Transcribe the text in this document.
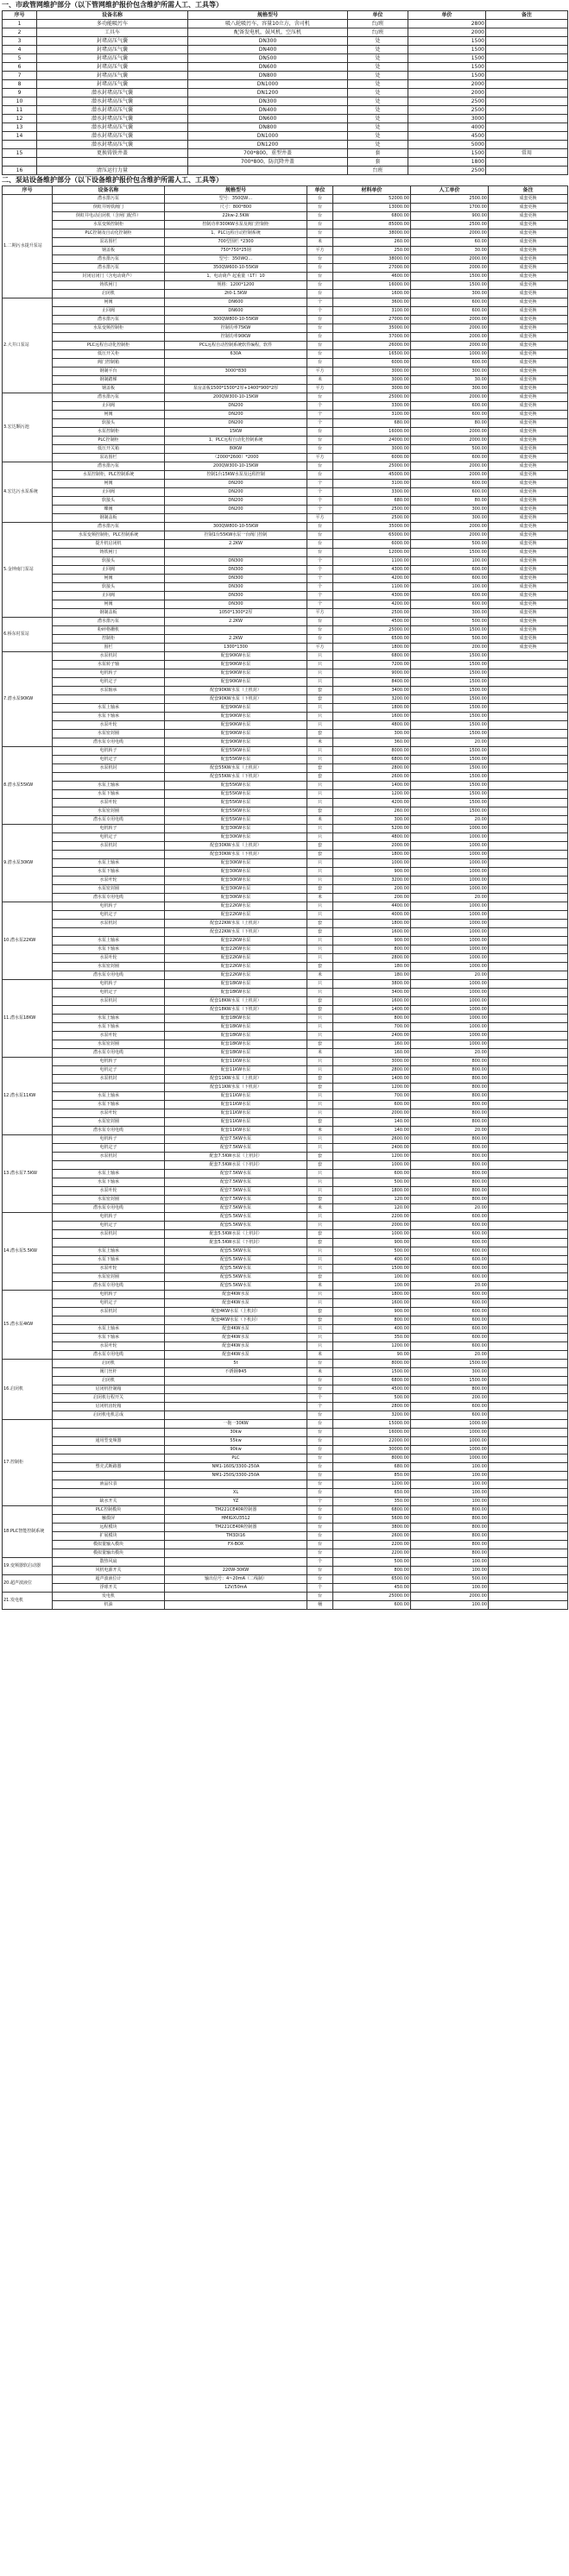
一、市政管网维护部分（以下管网维护报价包含维护所需人工、工具等）
序号	设备名称	规格型号	单位	单价	备注
1	多功能吸污车	吸八轮吸污车，容量10立方，含司机	台/班	2800	
2	工具车	配备发电机，鼓风机，空压机	台/班	2000	
3	封堵高压气囊	DN300	处	1500	
4	封堵高压气囊	DN400	处	1500	
5	封堵高压气囊	DN500	处	1500	
6	封堵高压气囊	DN600	处	1500	
7	封堵高压气囊	DN800	处	1500	
8	封堵高压气囊	DN1000	处	2000	
9	潜水封堵高压气囊	DN1200	处	2000	
10	潜水封堵高压气囊	DN300	处	2500	
11	潜水封堵高压气囊	DN400	处	2500	
12	潜水封堵高压气囊	DN600	处	3000	
13	潜水封堵高压气囊	DN800	处	4000	
14	潜水封堵高压气囊	DN1000	处	4500	
	潜水封堵高压气囊	DN1200	处	5000	
15	更换铸铁井盖	700*800，重型井盖	套	1500	常用
		700*800，防沉降井盖	套	1800	
16	清压运行力量		台班	2500	
二、泵站设备维护部分（以下设备维护报价包含维护所需人工、工具等）
序号	设备名称	规格型号	单位	材料单价	人工单价	备注
1.二期污水提升泵站	潜水排污泵	型号：350QW…	台	52000.00	2500.00	成套更换
	倒虹井铸铁阀门	尺寸：800*800	台	13000.00	1700.00	成套更换
	倒虹井电动启闭机（含闸门配件）	22kw-2.5KW	台	6800.00	900.00	成套更换
	水泵变频控制柜	控制功率300KW水泵及阀门控制柜	台	85000.00	2500.00	成套更换
	PLC控制及自动化控制柜	1、PLC远程自动控制系统	台	38000.00	2000.00	成套更换
	泵站围栏	700型围栏 *2300	米	260.00	60.00	成套更换
	钢盖板	750*750*25钢	平方	250.00	30.00	成套更换
	潜水排污泵	型号：350WQ…	台	38000.00	2000.00	成套更换
	潜水排污泵	350QW600-10-55KW	台	27000.00	2000.00	成套更换
	封闭启闭门（含电动葫芦）	1、电动葫芦 起重量（1T）10	台	4600.00	1500.00	成套更换
	铸铁闸门	规格：1200*1200	台	16000.00	1500.00	成套更换
	启闭机	2t0-1.5KW	台	1600.00	300.00	成套更换
2.大井口泵站	闸阀	DN600	个	3600.00	600.00	成套更换
	止回阀	DN600	个	3100.00	600.00	成套更换
	潜水排污泵	300QW800-10-55KW	台	27000.00	2000.00	成套更换
	水泵变频控制柜	控制功率75KW	台	35000.00	2000.00	成套更换
		控制功率90KW	台	37000.00	2000.00	成套更换
	PLC远程自动化控制柜	PCL远程自动控制系统软件编程，软件	台	26000.00	2000.00	成套更换
	低压开关柜	630A	台	16500.00	1000.00	成套更换
	阀门控制箱		台	6000.00	600.00	成套更换
	钢制平台	3000*830	平方	3000.00	300.00	成套更换
	钢制踏梯		米	3000.00	30.00	成套更换
	钢盖板	泵房盖板1500*1500*2厚+1400*900*2厚	平方	3000.00	300.00	成套更换
3.宏达颗污池	潜水排污泵	200QW300-10-15KW	台	25000.00	2000.00	成套更换
	止回阀	DN200	个	3300.00	600.00	成套更换
	闸阀	DN200	个	3100.00	600.00	成套更换
	软接头	DN200	个	680.00	80.00	成套更换
	水泵控制柜	15KW	台	16000.00	2000.00	成套更换
	PLC控制柜	1、PLC远程自动化控制系统	台	24000.00	2000.00	成套更换
	低压开关箱	80KW	台	3000.00	500.00	成套更换
	泵站围栏	（2000*2600）*2000	平方	6000.00	600.00	成套更换
4.宏达污水泵系统	潜水排污泵	200QW300-10-15KW	台	25000.00	2000.00	成套更换
	水泵控制柜，PLC控制系统	控制1台15KW水泵及远程控制	台	45000.00	2000.00	成套更换
	闸阀	DN200	个	3100.00	600.00	成套更换
	止回阀	DN200	个	3300.00	600.00	成套更换
	软接头	DN200	个	680.00	80.00	成套更换
	蝶阀	DN200	个	2500.00	300.00	成套更换
	钢制盖板		平方	2500.00	300.00	成套更换
5.金钟南门泵站	潜水排污泵	300QW800-10-55KW	台	35000.00	2000.00	成套更换
	水泵变频控制柜，PLC控制系统	控制1台55KW水泵一台阀门控制	台	65000.00	2000.00	成套更换
	提升机启闭机	2.2KW	台	6000.00	500.00	成套更换
	铸铁闸门		台	12000.00	1500.00	成套更换
	软接头	DN300	个	1100.00	100.00	成套更换
	止回阀	DN300	个	4300.00	600.00	成套更换
	闸阀	DN300	个	4200.00	600.00	成套更换
	软接头	DN300	个	1100.00	100.00	成套更换
	止回阀	DN300	个	4300.00	600.00	成套更换
	闸阀	DN300	个	4200.00	600.00	成套更换
	钢制盖板	1050*1300*2厚	平方	2500.00	300.00	成套更换
6.桥东村泵站	潜水排污泵	2.2KW	台	4500.00	500.00	成套更换
	粉碎格栅机		台	25000.00	1500.00	成套更换
	控制柜	2.2KW	台	6500.00	500.00	成套更换
	围栏	1300*1300	平方	1800.00	200.00	成套更换
7.潜水泵90KW	水泵机封	配套90KW水泵	只	6800.00	1500.00	
	水泵转子轴	配套90KW水泵	只	7200.00	1500.00	
	电机转子	配套90KW水泵	只	9000.00	1500.00	
	电机定子	配套90KW水泵	只	8400.00	1500.00	
	水泵轴承	配套90KW水泵（上机封）	套	3400.00	1500.00	
		配套90KW水泵（下机封）	套	3200.00	1500.00	
	水泵上轴承	配套90KW水泵	只	1800.00	1500.00	
	水泵下轴承	配套90KW水泵	只	1600.00	1500.00	
	水泵叶轮	配套90KW水泵	只	4800.00	1500.00	
	水泵密封圈	配套90KW水泵	套	300.00	1500.00	
	潜水泵专用电缆	配套90KW水泵	米	360.00	20.00	
8.潜水泵55KW	电机转子	配套55KW水泵	只	8000.00	1500.00	
	电机定子	配套55KW水泵	只	6800.00	1500.00	
	水泵机封	配套55KW水泵（上机封）	套	2800.00	1500.00	
		配套55KW水泵（下机封）	套	2600.00	1500.00	
	水泵上轴承	配套55KW水泵	只	1400.00	1500.00	
	水泵下轴承	配套55KW水泵	只	1200.00	1500.00	
	水泵叶轮	配套55KW水泵	只	4200.00	1500.00	
	水泵密封圈	配套55KW水泵	套	260.00	1500.00	
	潜水泵专用电缆	配套55KW水泵	米	300.00	20.00	
9.潜水泵30KW	电机转子	配套30KW水泵	只	5200.00	1000.00	
	电机定子	配套30KW水泵	只	4800.00	1000.00	
	水泵机封	配套30KW水泵（上机封）	套	2000.00	1000.00	
		配套30KW水泵（下机封）	套	1800.00	1000.00	
	水泵上轴承	配套30KW水泵	只	1000.00	1000.00	
	水泵下轴承	配套30KW水泵	只	900.00	1000.00	
	水泵叶轮	配套30KW水泵	只	3200.00	1000.00	
	水泵密封圈	配套30KW水泵	套	200.00	1000.00	
	潜水泵专用电缆	配套30KW水泵	米	200.00	20.00	
10.潜水泵22KW	电机转子	配套22KW水泵	只	4400.00	1000.00	
	电机定子	配套22KW水泵	只	4000.00	1000.00	
	水泵机封	配套22KW水泵（上机封）	套	1800.00	1000.00	
		配套22KW水泵（下机封）	套	1600.00	1000.00	
	水泵上轴承	配套22KW水泵	只	900.00	1000.00	
	水泵下轴承	配套22KW水泵	只	800.00	1000.00	
	水泵叶轮	配套22KW水泵	只	2800.00	1000.00	
	水泵密封圈	配套22KW水泵	套	180.00	1000.00	
	潜水泵专用电缆	配套22KW水泵	米	180.00	20.00	
11.潜水泵18KW	电机转子	配套18KW水泵	只	3800.00	1000.00	
	电机定子	配套18KW水泵	只	3400.00	1000.00	
	水泵机封	配套18KW水泵（上机封）	套	1600.00	1000.00	
		配套18KW水泵（下机封）	套	1400.00	1000.00	
	水泵上轴承	配套18KW水泵	只	800.00	1000.00	
	水泵下轴承	配套18KW水泵	只	700.00	1000.00	
	水泵叶轮	配套18KW水泵	只	2400.00	1000.00	
	水泵密封圈	配套18KW水泵	套	160.00	1000.00	
	潜水泵专用电缆	配套18KW水泵	米	160.00	20.00	
12.潜水泵11KW	电机转子	配套11KW水泵	只	3000.00	800.00	
	电机定子	配套11KW水泵	只	2800.00	800.00	
	水泵机封	配套11KW水泵（上机封）	套	1400.00	800.00	
		配套11KW水泵（下机封）	套	1200.00	800.00	
	水泵上轴承	配套11KW水泵	只	700.00	800.00	
	水泵下轴承	配套11KW水泵	只	600.00	800.00	
	水泵叶轮	配套11KW水泵	只	2000.00	800.00	
	水泵密封圈	配套11KW水泵	套	140.00	800.00	
	潜水泵专用电缆	配套11KW水泵	米	140.00	20.00	
13.潜水泵7.5KW	电机转子	配套7.5KW水泵	只	2600.00	800.00	
	电机定子	配套7.5KW水泵	只	2400.00	800.00	
	水泵机封	配套7.5KW水泵（上机封）	套	1200.00	800.00	
		配套7.5KW水泵（下机封）	套	1000.00	800.00	
	水泵上轴承	配套7.5KW水泵	只	600.00	800.00	
	水泵下轴承	配套7.5KW水泵	只	500.00	800.00	
	水泵叶轮	配套7.5KW水泵	只	1800.00	800.00	
	水泵密封圈	配套7.5KW水泵	套	120.00	800.00	
	潜水泵专用电缆	配套7.5KW水泵	米	120.00	20.00	
14.潜水泵5.5KW	电机转子	配套5.5KW水泵	只	2200.00	600.00	
	电机定子	配套5.5KW水泵	只	2000.00	600.00	
	水泵机封	配套5.5KW水泵（上机封）	套	1000.00	600.00	
		配套5.5KW水泵（下机封）	套	900.00	600.00	
	水泵上轴承	配套5.5KW水泵	只	500.00	600.00	
	水泵下轴承	配套5.5KW水泵	只	400.00	600.00	
	水泵叶轮	配套5.5KW水泵	只	1500.00	600.00	
	水泵密封圈	配套5.5KW水泵	套	100.00	600.00	
	潜水泵专用电缆	配套5.5KW水泵	米	100.00	20.00	
15.潜水泵4KW	电机转子	配套4KW水泵	只	1800.00	600.00	
	电机定子	配套4KW水泵	只	1600.00	600.00	
	水泵机封	配套4KW水泵（上机封）	套	900.00	600.00	
		配套4KW水泵（下机封）	套	800.00	600.00	
	水泵上轴承	配套4KW水泵	只	400.00	600.00	
	水泵下轴承	配套4KW水泵	只	350.00	600.00	
	水泵叶轮	配套4KW水泵	只	1200.00	600.00	
	潜水泵专用电缆	配套4KW水泵	米	90.00	20.00	
16.启闭机	启闭机	5t	台	8000.00	1500.00	
	阀门丝杆	不锈钢Φ45	米	1500.00	300.00	
	启闭机		台	6800.00	1500.00	
	启闭机控制箱		台	4500.00	800.00	
	启闭机行程开关		个	500.00	200.00	
	启闭机齿轮箱		个	2800.00	600.00	
	启闭机电机总成		台	3200.00	600.00	
17.控制柜		一拖一30KW	台	15000.00	1000.00	
		30kw	台	16000.00	1000.00	
	通用型变频器	55kw	台	22000.00	1000.00	
		90kw	台	30000.00	1000.00	
		PLC	台	8000.00	1000.00	
	塑壳式断路器	NM1-160S/3300-250A	台	680.00	100.00	
		NM1-250S/3300-250A	台	850.00	100.00	
	液晶仪表		台	1200.00	100.00	
		XL	台	650.00	100.00	
	缺水开关	YZ	个	350.00	100.00	
18.PLC智能控制系统	PLC控制模块	TM221CE40R控制器	台	6800.00	800.00	
	触摸屏	HMIGXU3512	台	5600.00	800.00	
	远程模块	TM221CE40R控制器	台	3800.00	800.00	
	扩展模块	TM3DI16	台	2600.00	800.00	
	模拟量输入模块	FX-BOX	台	2200.00	800.00	
	模拟量输出模块		台	2200.00	800.00	
19.变频器软启动器	散热风扇		个	500.00	100.00	
	风机电源开关	220W-30KW	台	800.00	100.00	
20.超声波液位	超声波液位计	输出信号：4~20mA（二线制）	台	6500.00	500.00	
	浮球开关	12V/50mA	个	450.00	100.00	
21.发电机	发电机		台	25000.00	2000.00	
	机油		桶	600.00	100.00	
